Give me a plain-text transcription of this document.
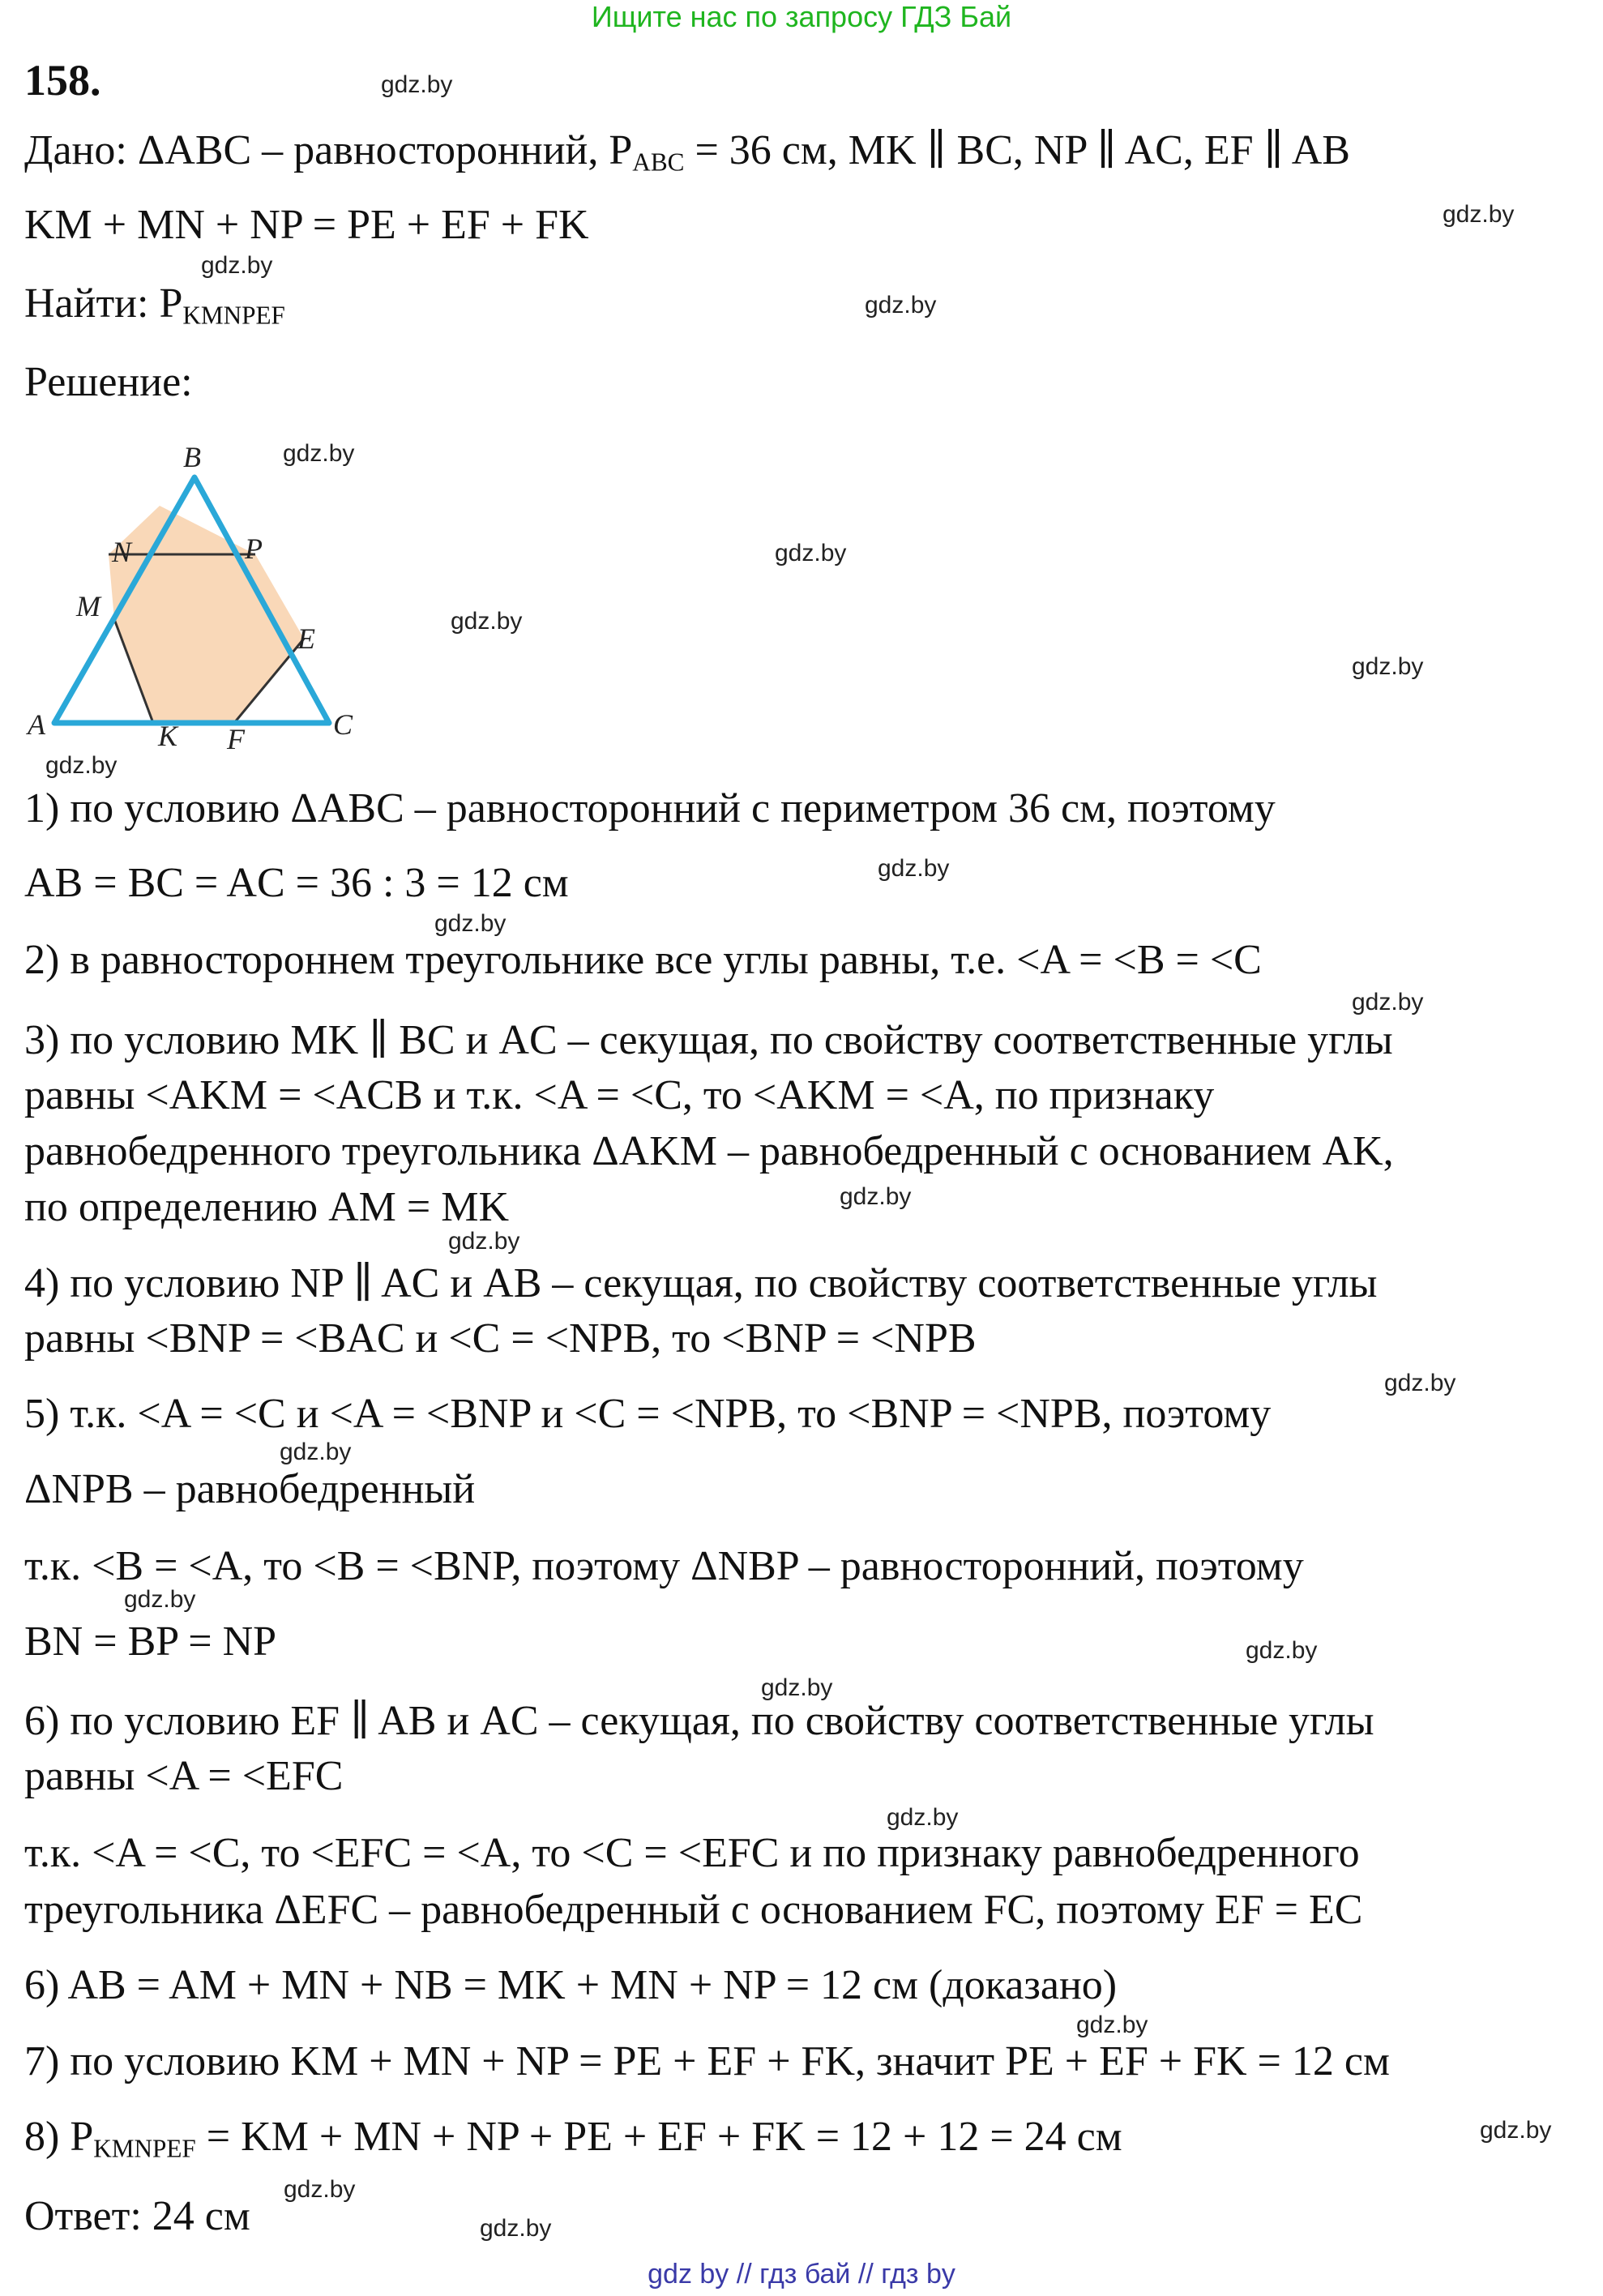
Ищите нас по запросу ГДЗ Бай
158.
Дано: ΔABC – равносторонний, $P_{ABC} = 36$ см, MK ∥ BC, NP ∥ AC, EF ∥ AB
KM + MN + NP = PE + EF + FK
Найти: $P_{KMNPEF}$
Решение:
B
N	P
M
E
A	K F	C
1) по условию ΔABC – равносторонний с периметром 36 см, поэтому
AB = BC = AC = 36 : 3 = 12 см
2) в равностороннем треугольнике все углы равны, т.е. <A = <B = <C
3) по условию MK ∥ BC и AC – секущая, по свойству соответственные углы
равны <AKM = <ACB и т.к. <A = <C, то <AKM = <A, по признаку
равнобедренного треугольника ΔAKM – равнобедренный с основанием AK,
по определению AM = MK
4) по условию NP ∥ AC и AB – секущая, по свойству соответственные углы
равны <BNP = <BAC и <C = <NPB, то <BNP = <NPB
5) т.к. <A = <C и <A = <BNP и <C = <NPB, то <BNP = <NPB, поэтому
ΔNPB – равнобедренный
т.к. <B = <A, то <B = <BNP, поэтому ΔNBP – равносторонний, поэтому
BN = BP = NP
6) по условию EF ∥ AB и AC – секущая, по свойству соответственные углы
равны <A = <EFC
т.к. <A = <C, то <EFC = <A, то <C = <EFC и по признаку равнобедренного
треугольника ΔEFC – равнобедренный с основанием FC, поэтому EF = EC
6) AB = AM + MN + NB = MK + MN + NP = 12 см (доказано)
7) по условию KM + MN + NP = PE + EF + FK, значит PE + EF + FK = 12 см
8) $P_{KMNPEF}$ = KM + MN + NP + PE + EF + FK = 12 + 12 = 24 см
Ответ: 24 см
gdz.by
gdz.by
gdz.by
gdz.by
gdz.by
gdz.by
gdz.by
gdz.by
gdz.by
gdz.by
gdz.by
gdz.by
gdz.by
gdz.by
gdz.by
gdz.by
gdz.by
gdz.by
gdz.by
gdz.by
gdz.by
gdz.by
gdz.by
gdz.by
gdz by // гдз бай // гдз by
